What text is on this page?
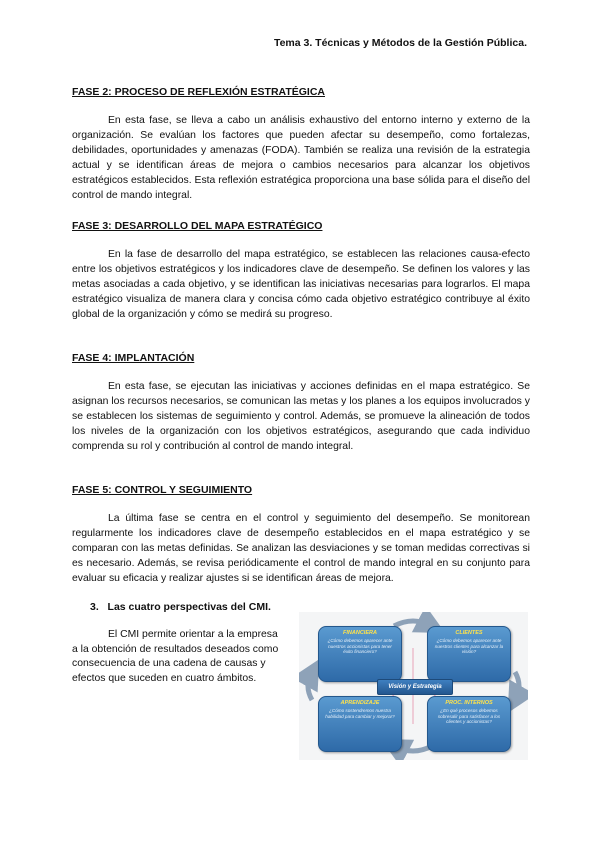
Tema 3. Técnicas y Métodos de la Gestión Pública.
FASE 2: PROCESO DE REFLEXIÓN ESTRATÉGICA

En esta fase, se lleva a cabo un análisis exhaustivo del entorno interno y externo de la organización. Se evalúan los factores que pueden afectar su desempeño, como fortalezas, debilidades, oportunidades y amenazas (FODA). También se realiza una revisión de la estrategia actual y se identifican áreas de mejora o cambios necesarios para alcanzar los objetivos estratégicos establecidos. Esta reflexión estratégica proporciona una base sólida para el diseño del control de mando integral.

FASE 3: DESARROLLO DEL MAPA ESTRATÉGICO

En la fase de desarrollo del mapa estratégico, se establecen las relaciones causa-efecto entre los objetivos estratégicos y los indicadores clave de desempeño. Se definen los valores y las metas asociadas a cada objetivo, y se identifican las iniciativas necesarias para lograrlos. El mapa estratégico visualiza de manera clara y concisa cómo cada objetivo estratégico contribuye al éxito global de la organización y cómo se medirá su progreso.

FASE 4: IMPLANTACIÓN

En esta fase, se ejecutan las iniciativas y acciones definidas en el mapa estratégico. Se asignan los recursos necesarios, se comunican las metas y los planes a los equipos involucrados y se establecen los sistemas de seguimiento y control. Además, se promueve la alineación de todos los niveles de la organización con los objetivos estratégicos, asegurando que cada individuo comprenda su rol y contribución al control de mando integral.

FASE 5: CONTROL Y SEGUIMIENTO

La última fase se centra en el control y seguimiento del desempeño. Se monitorean regularmente los indicadores clave de desempeño establecidos en el mapa estratégico y se comparan con las metas definidas. Se analizan las desviaciones y se toman medidas correctivas si es necesario. Además, se revisa periódicamente el control de mando integral en su conjunto para evaluar su eficacia y realizar ajustes si se identifican áreas de mejora.

3. Las cuatro perspectivas del CMI.

El CMI permite orientar a la empresa a la obtención de resultados deseados como consecuencia de una cadena de causas y efectos que suceden en cuatro ámbitos.

FINANCIERA
¿Cómo debemos aparecer ante nuestros accionistas para tener éxito financiero?
CLIENTES
¿Cómo debemos aparecer ante nuestros clientes para alcanzar la visión?
APRENDIZAJE
¿Cómo sostendremos nuestra habilidad para cambiar y mejorar?
PROC. INTERNOS
¿En qué procesos debemos sobresalir para satisfacer a los clientes y accionistas?
Visión y Estrategia
